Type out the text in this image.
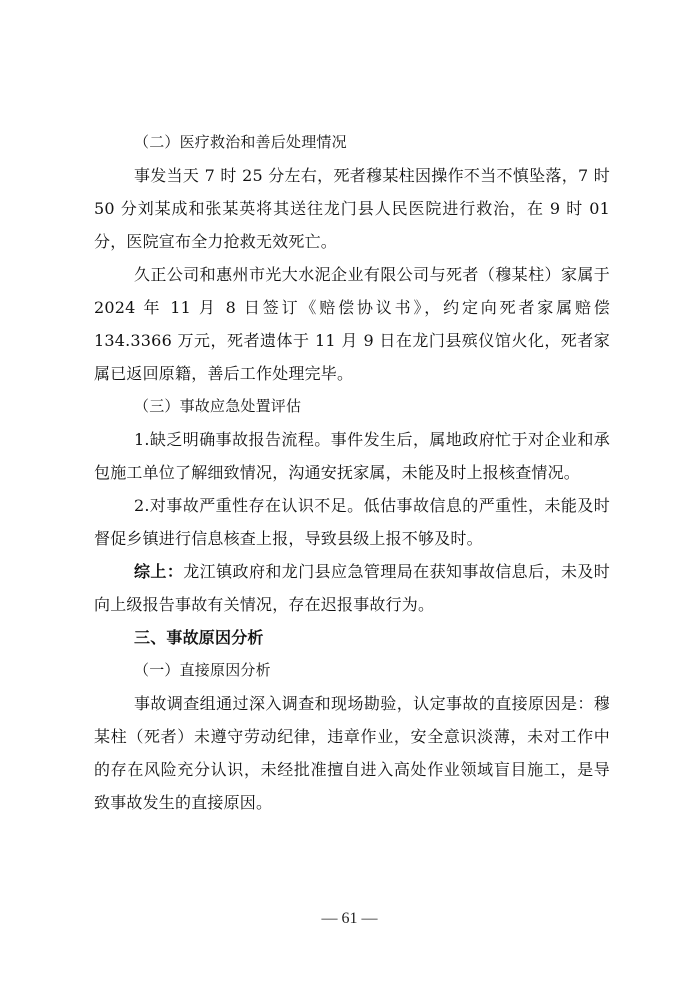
（二）医疗救治和善后处理情况

事发当天 7 时 25 分左右，死者穆某柱因操作不当不慎坠落，7 时 50 分刘某成和张某英将其送往龙门县人民医院进行救治，在 9 时 01 分，医院宣布全力抢救无效死亡。

久正公司和惠州市光大水泥企业有限公司与死者（穆某柱）家属于 2024 年 11 月 8 日签订《赔偿协议书》，约定向死者家属赔偿 134.3366 万元，死者遗体于 11 月 9 日在龙门县殡仪馆火化，死者家属已返回原籍，善后工作处理完毕。

（三）事故应急处置评估

1.缺乏明确事故报告流程。事件发生后，属地政府忙于对企业和承包施工单位了解细致情况，沟通安抚家属，未能及时上报核查情况。

2.对事故严重性存在认识不足。低估事故信息的严重性，未能及时督促乡镇进行信息核查上报，导致县级上报不够及时。

综上：龙江镇政府和龙门县应急管理局在获知事故信息后，未及时向上级报告事故有关情况，存在迟报事故行为。

三、事故原因分析

（一）直接原因分析

事故调查组通过深入调查和现场勘验，认定事故的直接原因是：穆某柱（死者）未遵守劳动纪律，违章作业，安全意识淡薄，未对工作中的存在风险充分认识，未经批准擅自进入高处作业领域盲目施工，是导致事故发生的直接原因。

— 61 —
